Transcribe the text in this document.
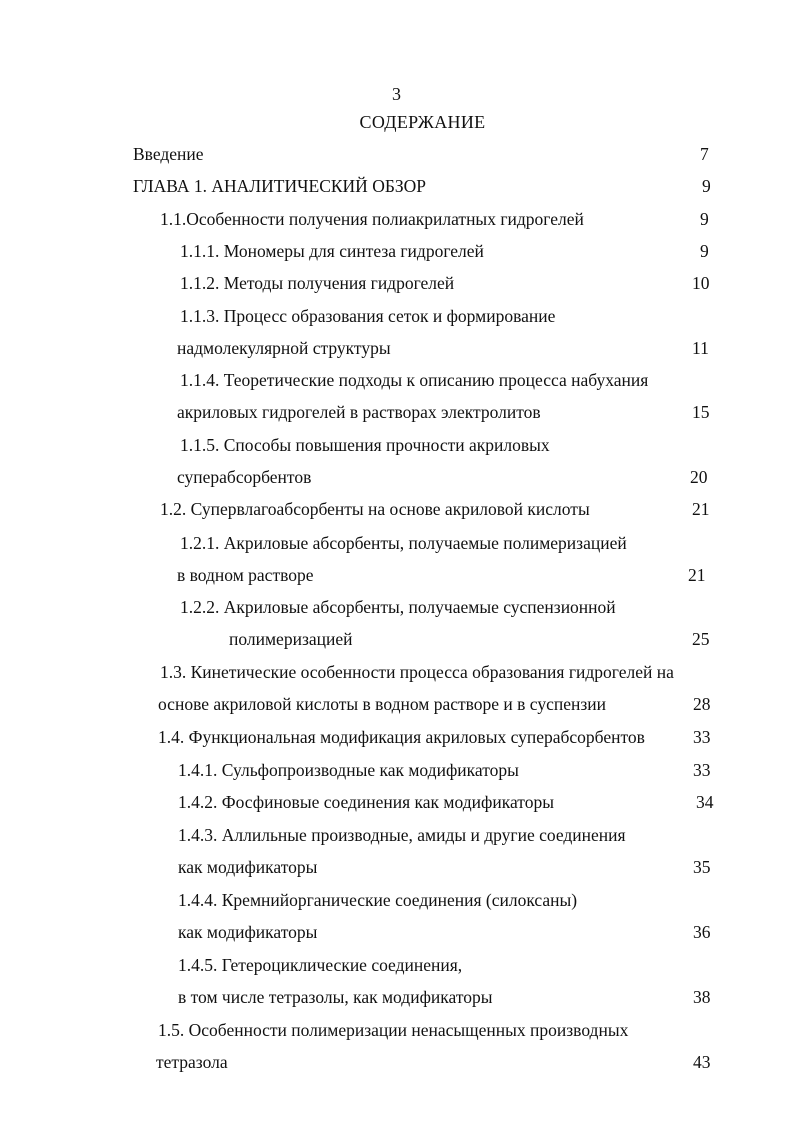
3
СОДЕРЖАНИЕ
Введение	7
ГЛАВА 1. АНАЛИТИЧЕСКИЙ ОБЗОР	9
1.1.Особенности получения полиакрилатных гидрогелей	9
1.1.1. Мономеры для синтеза гидрогелей	9
1.1.2. Методы получения гидрогелей	10
1.1.3. Процесс образования сеток и формирование
надмолекулярной структуры	11
1.1.4. Теоретические подходы к описанию процесса набухания
акриловых гидрогелей в растворах электролитов	15
1.1.5. Способы повышения прочности акриловых
суперабсорбентов	20
1.2. Супервлагоабсорбенты на основе акриловой кислоты	21
1.2.1. Акриловые абсорбенты, получаемые полимеризацией
в водном растворе	21
1.2.2. Акриловые абсорбенты, получаемые суспензионной
полимеризацией	25
1.3. Кинетические особенности процесса образования гидрогелей на
основе акриловой кислоты в водном растворе и в суспензии	28
1.4. Функциональная модификация акриловых суперабсорбентов	33
1.4.1. Сульфопроизводные как модификаторы	33
1.4.2. Фосфиновые соединения как модификаторы	34
1.4.3. Аллильные производные, амиды и другие соединения
как модификаторы	35
1.4.4. Кремнийорганические соединения (силоксаны)
как модификаторы	36
1.4.5. Гетероциклические соединения,
в том числе тетразолы, как модификаторы	38
1.5. Особенности полимеризации ненасыщенных производных
тетразола	43
